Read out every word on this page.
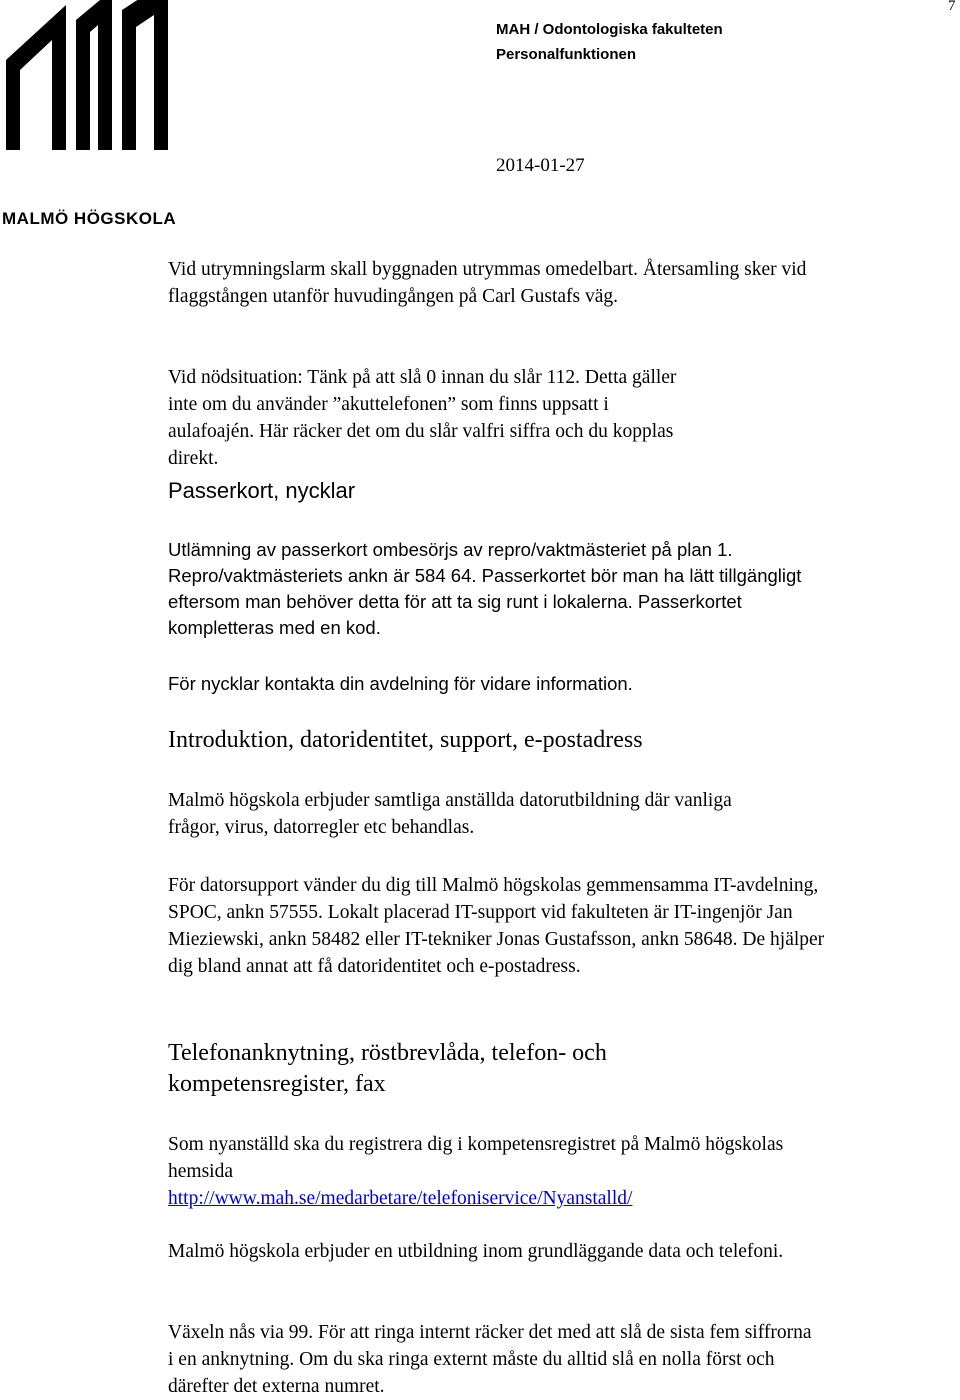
7
MALMÖ HÖGSKOLA
MAH / Odontologiska fakulteten
Personalfunktionen
2014-01-27

Vid utrymningslarm skall byggnaden utrymmas omedelbart. Återsamling sker vid flaggstången utanför huvudingången på Carl Gustafs väg.

Vid nödsituation: Tänk på att slå 0 innan du slår 112. Detta gäller inte om du använder ”akuttelefonen” som finns uppsatt i aulafoajén. Här räcker det om du slår valfri siffra och du kopplas direkt.

Passerkort, nycklar

Utlämning av passerkort ombesörjs av repro/vaktmästeriet på plan 1. Repro/vaktmästeriets ankn är 584 64. Passerkortet bör man ha lätt tillgängligt eftersom man behöver detta för att ta sig runt i lokalerna. Passerkortet kompletteras med en kod.

För nycklar kontakta din avdelning för vidare information.

Introduktion, datoridentitet, support, e-postadress

Malmö högskola erbjuder samtliga anställda datorutbildning där vanliga frågor, virus, datorregler etc behandlas.

För datorsupport vänder du dig till Malmö högskolas gemmensamma IT-avdelning, SPOC, ankn 57555. Lokalt placerad IT-support vid fakulteten är IT-ingenjör Jan Mieziewski, ankn 58482 eller IT-tekniker Jonas Gustafsson, ankn 58648. De hjälper dig bland annat att få datoridentitet och e-postadress.

Telefonanknytning, röstbrevlåda, telefon- och kompetensregister, fax

Som nyanställd ska du registrera dig i kompetensregistret på Malmö högskolas hemsida
http://www.mah.se/medarbetare/telefoniservice/Nyanstalld/

Malmö högskola erbjuder en utbildning inom grundläggande data och telefoni.

Växeln nås via 99. För att ringa internt räcker det med att slå de sista fem siffrorna i en anknytning. Om du ska ringa externt måste du alltid slå en nolla först och därefter det externa numret.
